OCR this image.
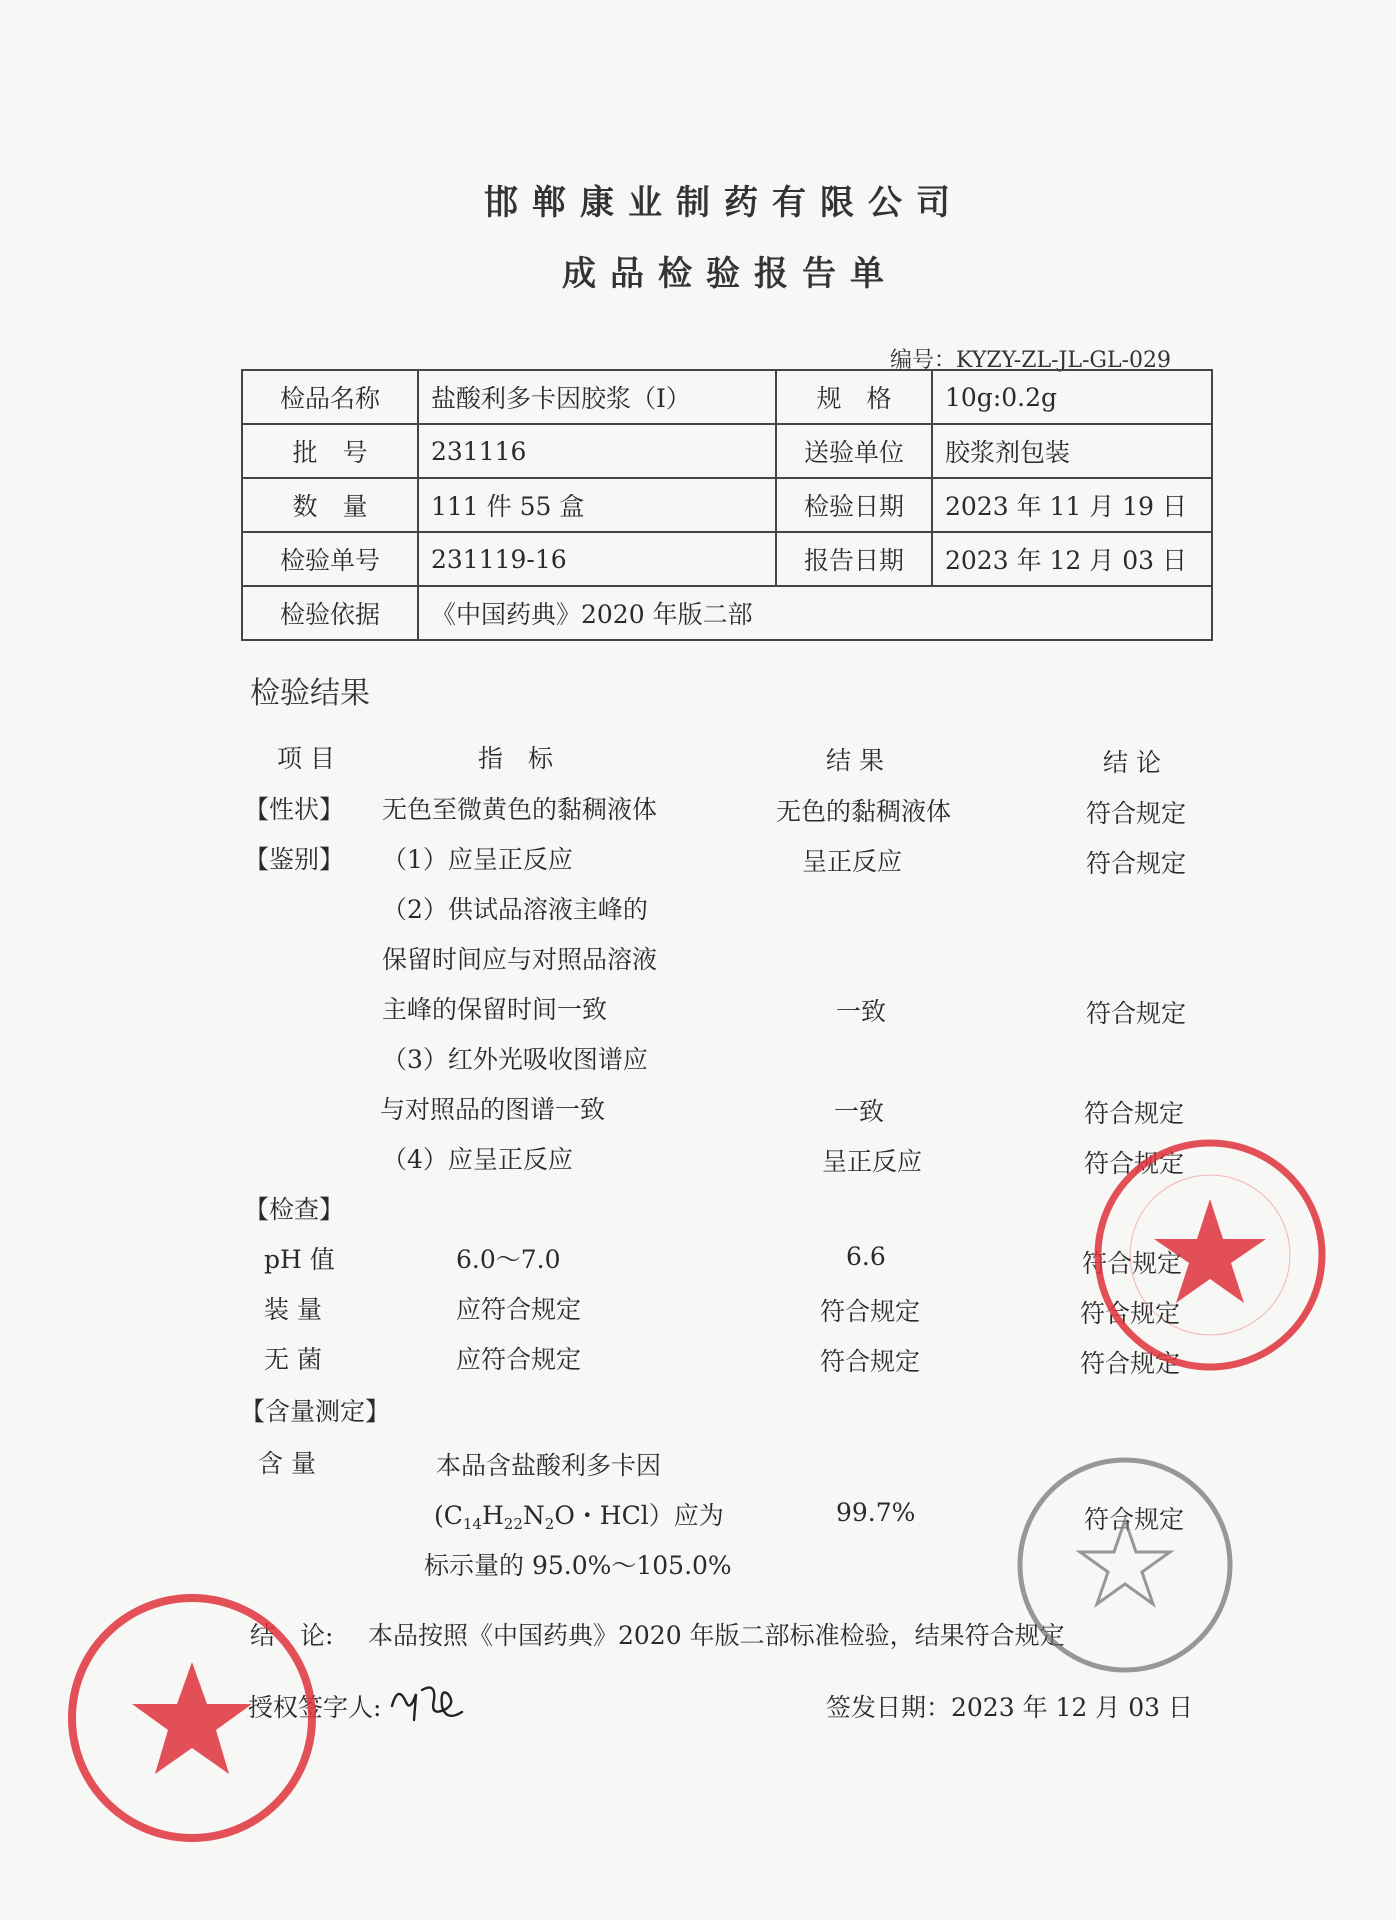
邯郸康业制药有限公司
成品检验报告单
编号：KYZY-ZL-JL-GL-029
检品名称	盐酸利多卡因胶浆（Ⅰ）	规　格	10g:0.2g
批　号	231116	送验单位	胶浆剂包装
数　量	111 件 55 盒	检验日期	2023 年 11 月 19 日
检验单号	231119-16	报告日期	2023 年 12 月 03 日
检验依据	《中国药典》2020 年版二部		
检验结果
项 目	指　标	结 果	结 论
【性状】 无色至微黄色的黏稠液体	无色的黏稠液体	符合规定
【鉴别】 （1）应呈正反应	呈正反应	符合规定
（2）供试品溶液主峰的
保留时间应与对照品溶液
主峰的保留时间一致	一致	符合规定
（3）红外光吸收图谱应
与对照品的图谱一致	一致	符合规定
（4）应呈正反应	呈正反应	符合规定
【检查】
pH 值	6.0～7.0	6.6	符合规定
装 量	应符合规定	符合规定	符合规定
无 菌	应符合规定	符合规定	符合规定
【含量测定】
含 量	本品含盐酸利多卡因
($C_{14}H_{22}N_2O$・HCl）应为
标示量的 95.0%～105.0%
99.7%	符合规定
结　论: 本品按照《中国药典》2020 年版二部标准检验，结果符合规定
授权签字人:	签发日期：2023 年 12 月 03 日
